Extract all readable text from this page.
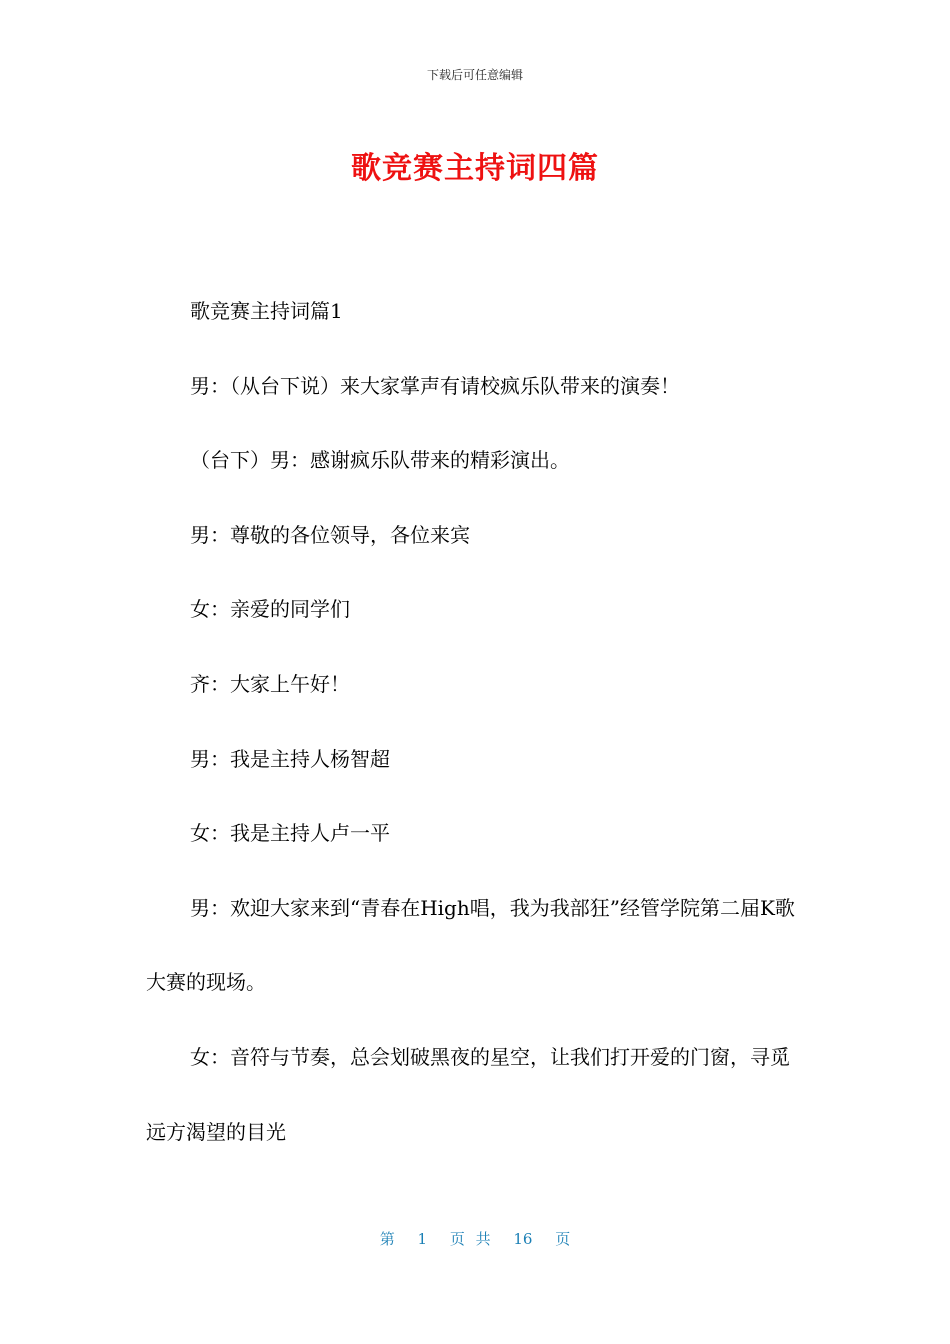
下载后可任意编辑
歌竞赛主持词四篇

歌竞赛主持词篇1

男：（从台下说）来大家掌声有请校疯乐队带来的演奏！

（台下）男：感谢疯乐队带来的精彩演出。

男：尊敬的各位领导，各位来宾

女：亲爱的同学们

齐：大家上午好！

男：我是主持人杨智超

女：我是主持人卢一平

男：欢迎大家来到“青春在High唱，我为我部狂”经管学院第二届K歌大赛的现场。

女：音符与节奏，总会划破黑夜的星空，让我们打开爱的门窗，寻觅远方渴望的目光

第 1 页 共 16 页
